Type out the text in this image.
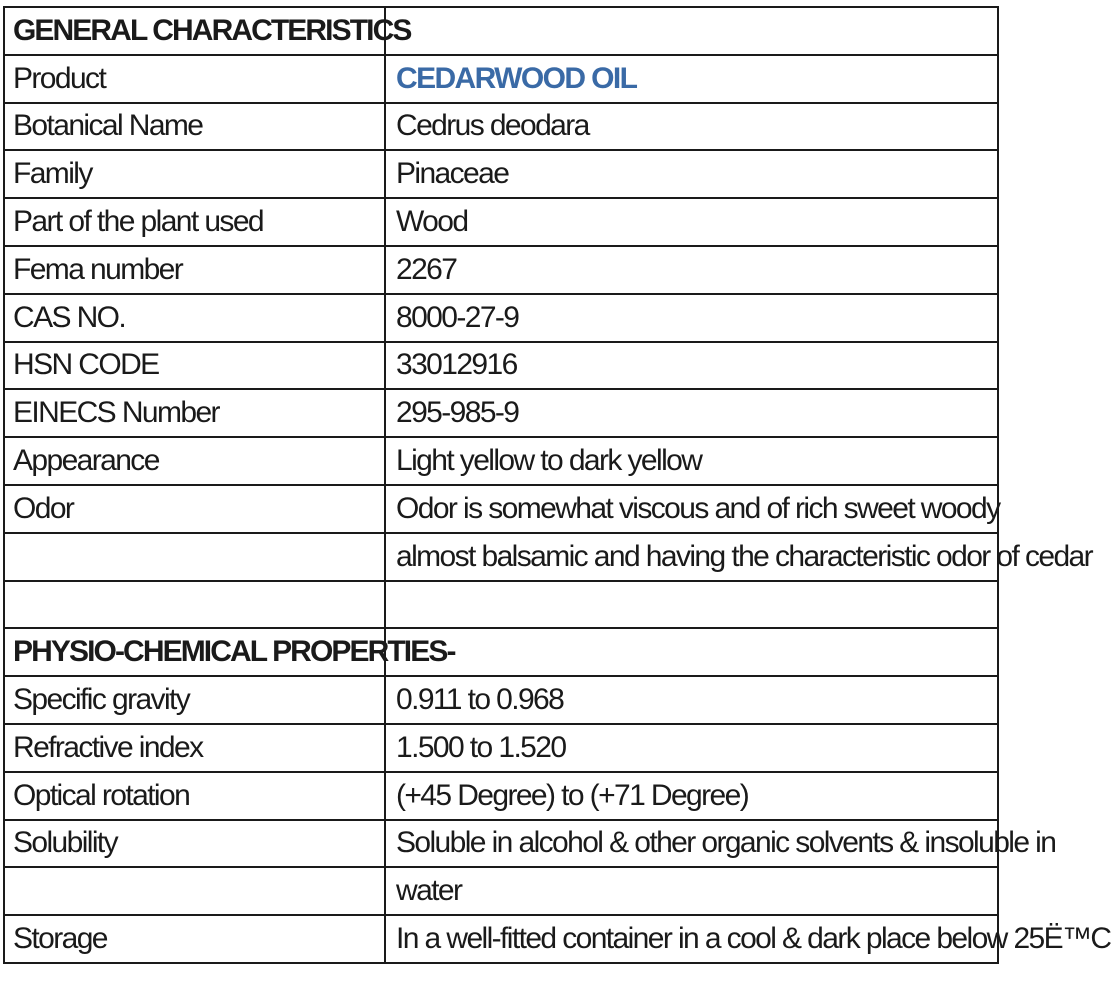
GENERAL CHARACTERISTICS	
Product	CEDARWOOD OIL
Botanical Name	Cedrus deodara
Family	Pinaceae
Part of the plant used	Wood
Fema number	2267
CAS NO.	8000-27-9
HSN CODE	33012916
EINECS Number	295-985-9
Appearance	Light yellow to dark yellow
Odor	Odor is somewhat viscous and of rich sweet woody
	almost balsamic and having the characteristic odor of cedar

PHYSIO-CHEMICAL PROPERTIES-	
Specific gravity	0.911 to 0.968
Refractive index	1.500 to 1.520
Optical rotation	(+45 Degree) to (+71 Degree)
Solubility	Soluble in alcohol & other organic solvents & insoluble in
	water
Storage	In a well-fitted container in a cool & dark place below 25Ë™C
